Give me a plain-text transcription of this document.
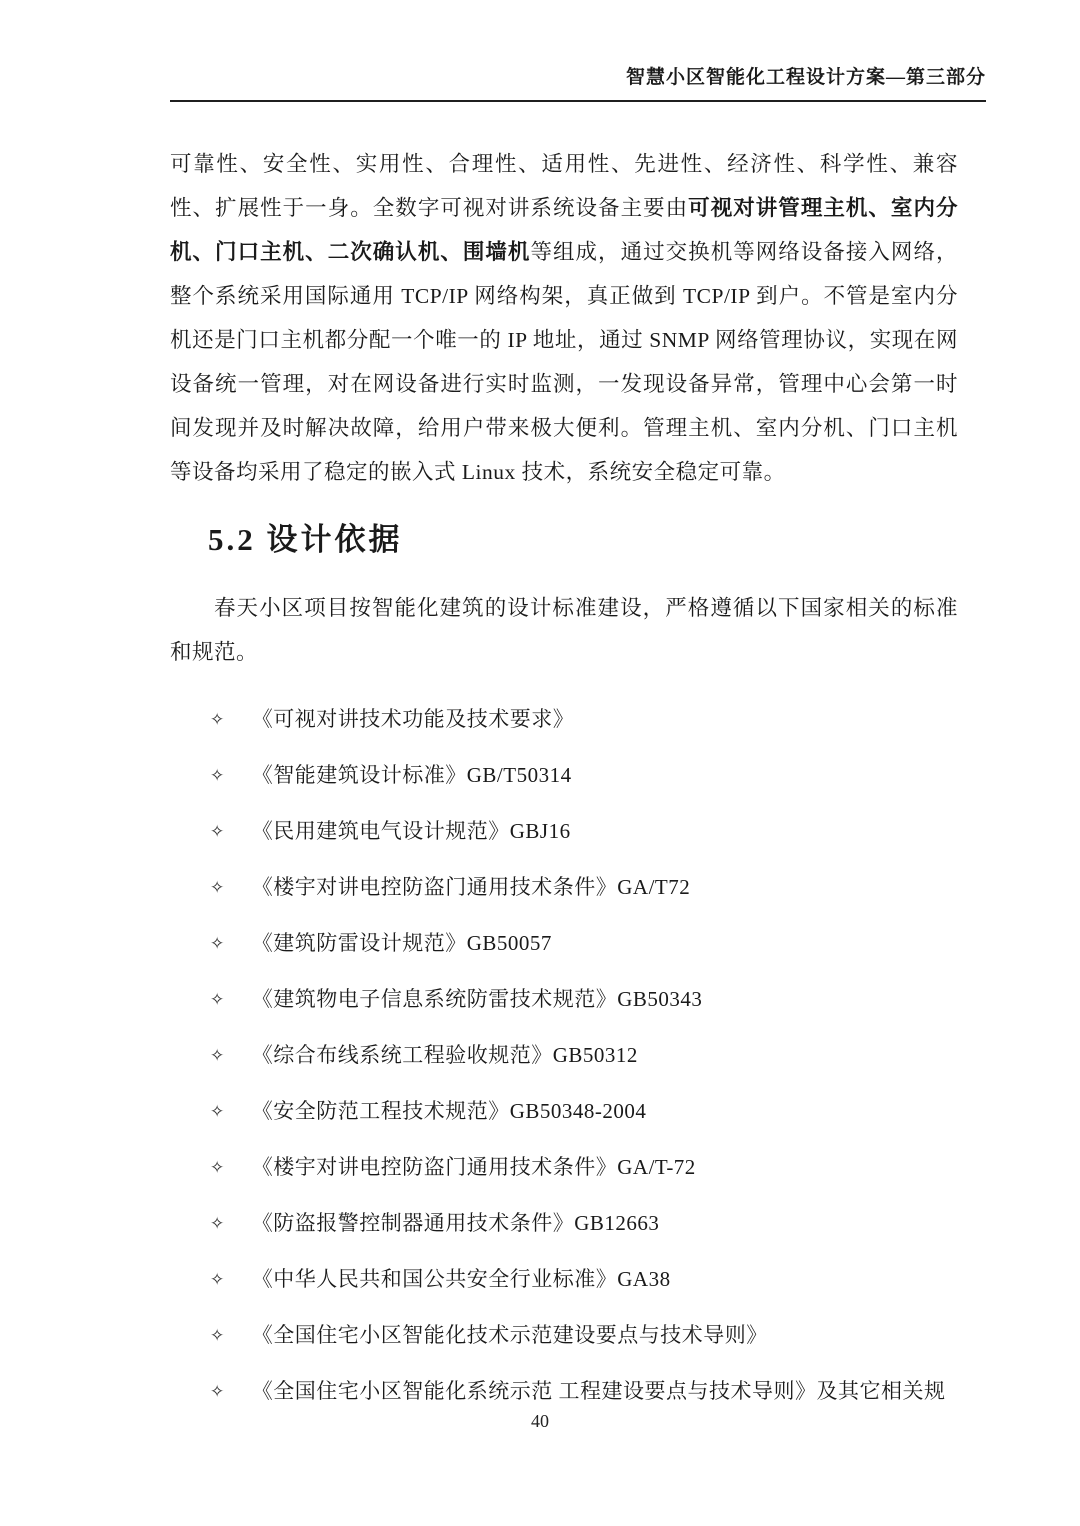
智慧小区智能化工程设计方案—第三部分

可靠性、安全性、实用性、合理性、适用性、先进性、经济性、科学性、兼容性、扩展性于一身。全数字可视对讲系统设备主要由可视对讲管理主机、室内分机、门口主机、二次确认机、围墙机等组成，通过交换机等网络设备接入网络，整个系统采用国际通用 TCP/IP 网络构架，真正做到 TCP/IP 到户。不管是室内分机还是门口主机都分配一个唯一的 IP 地址，通过 SNMP 网络管理协议，实现在网设备统一管理，对在网设备进行实时监测，一发现设备异常，管理中心会第一时间发现并及时解决故障，给用户带来极大便利。管理主机、室内分机、门口主机等设备均采用了稳定的嵌入式 Linux 技术，系统安全稳定可靠。

5.2 设计依据

春天小区项目按智能化建筑的设计标准建设，严格遵循以下国家相关的标准和规范。

✧ 《可视对讲技术功能及技术要求》
✧ 《智能建筑设计标准》GB/T50314
✧ 《民用建筑电气设计规范》GBJ16
✧ 《楼宇对讲电控防盗门通用技术条件》GA/T72
✧ 《建筑防雷设计规范》GB50057
✧ 《建筑物电子信息系统防雷技术规范》GB50343
✧ 《综合布线系统工程验收规范》GB50312
✧ 《安全防范工程技术规范》GB50348-2004
✧ 《楼宇对讲电控防盗门通用技术条件》GA/T-72
✧ 《防盗报警控制器通用技术条件》GB12663
✧ 《中华人民共和国公共安全行业标准》GA38
✧ 《全国住宅小区智能化技术示范建设要点与技术导则》
✧ 《全国住宅小区智能化系统示范 工程建设要点与技术导则》及其它相关规
40
